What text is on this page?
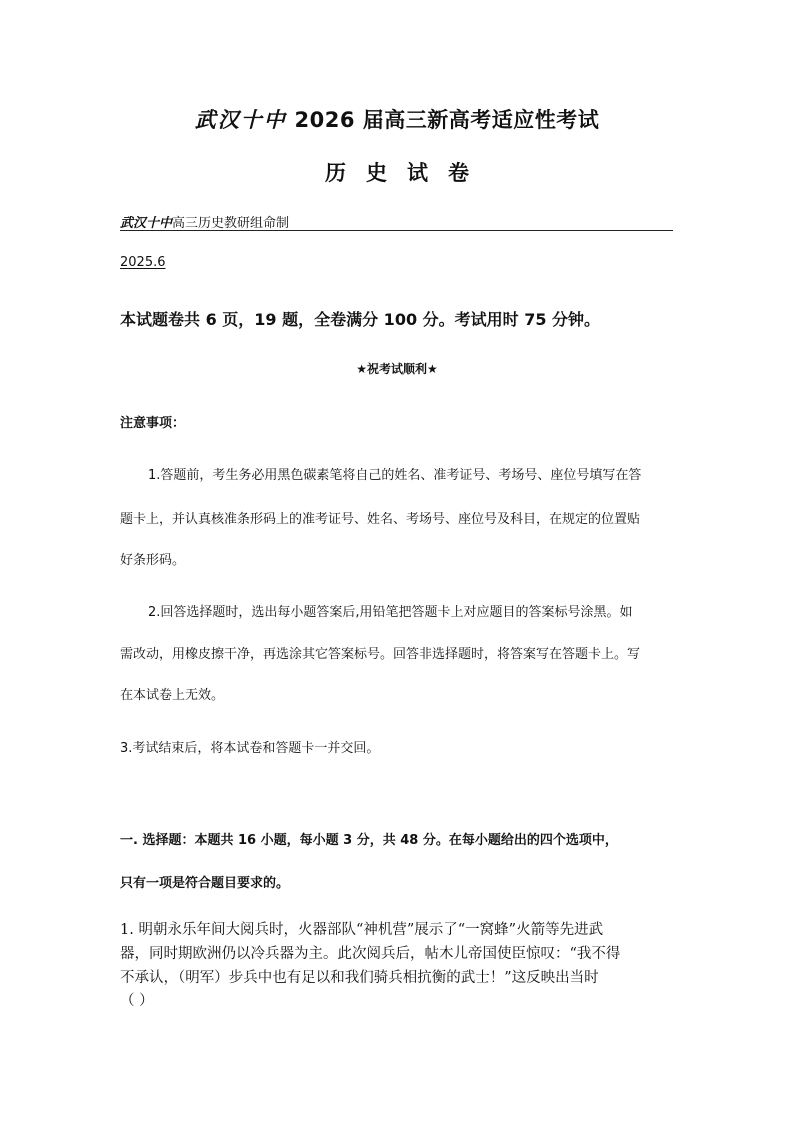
武汉十中 2026 届高三新高考适应性考试
历史试卷
武汉十中高三历史教研组命制
2025.6
本试题卷共 6 页，19 题，全卷满分 100 分。考试用时 75 分钟。
★祝考试顺利★
注意事项：
1.答题前，考生务必用黑色碳素笔将自己的姓名、准考证号、考场号、座位号填写在答
题卡上，并认真核准条形码上的准考证号、姓名、考场号、座位号及科目，在规定的位置贴
好条形码。
2.回答选择题时，选出每小题答案后,用铅笔把答题卡上对应题目的答案标号涂黑。如
需改动，用橡皮擦干净，再选涂其它答案标号。回答非选择题时，将答案写在答题卡上。写
在本试卷上无效。
3.考试结束后，将本试卷和答题卡一并交回。
一. 选择题：本题共 16 小题，每小题 3 分，共 48 分。在每小题给出的四个选项中，
只有一项是符合题目要求的。
1. 明朝永乐年间大阅兵时，火器部队“神机营”展示了“一窝蜂”火箭等先进武
器，同时期欧洲仍以冷兵器为主。此次阅兵后，帖木儿帝国使臣惊叹：“我不得
不承认，（明军）步兵中也有足以和我们骑兵相抗衡的武士！”这反映出当时
（ ）
